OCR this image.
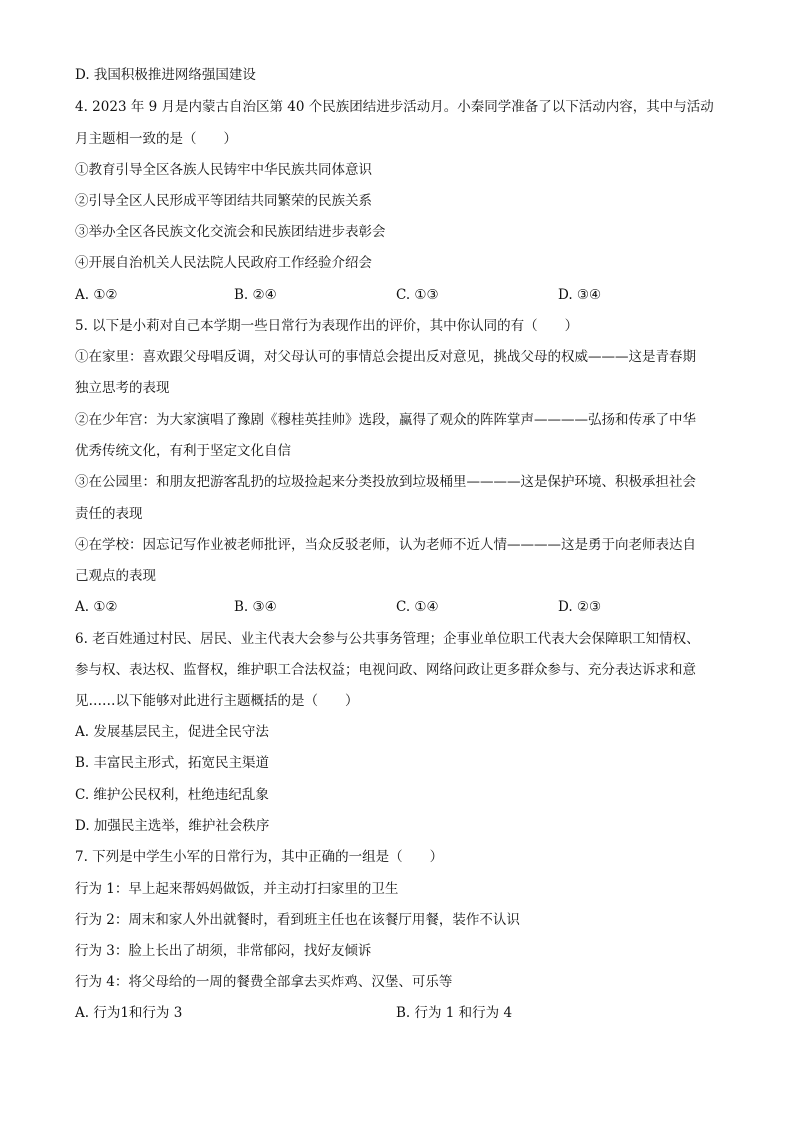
D. 我国积极推进网络强国建设
4. 2023 年 9 月是内蒙古自治区第 40 个民族团结进步活动月。小秦同学准备了以下活动内容，其中与活动
月主题相一致的是（　　）
①教育引导全区各族人民铸牢中华民族共同体意识
②引导全区人民形成平等团结共同繁荣的民族关系
③举办全区各民族文化交流会和民族团结进步表彰会
④开展自治机关人民法院人民政府工作经验介绍会
A. ①②	B. ②④	C. ①③	D. ③④
5. 以下是小莉对自己本学期一些日常行为表现作出的评价，其中你认同的有（　　）
①在家里：喜欢跟父母唱反调，对父母认可的事情总会提出反对意见，挑战父母的权威———这是青春期
独立思考的表现
②在少年宫：为大家演唱了豫剧《穆桂英挂帅》选段，赢得了观众的阵阵掌声————弘扬和传承了中华
优秀传统文化，有利于坚定文化自信
③在公园里：和朋友把游客乱扔的垃圾捡起来分类投放到垃圾桶里————这是保护环境、积极承担社会
责任的表现
④在学校：因忘记写作业被老师批评，当众反驳老师，认为老师不近人情————这是勇于向老师表达自
己观点的表现
A. ①②	B. ③④	C. ①④	D. ②③
6. 老百姓通过村民、居民、业主代表大会参与公共事务管理；企事业单位职工代表大会保障职工知情权、
参与权、表达权、监督权，维护职工合法权益；电视问政、网络问政让更多群众参与、充分表达诉求和意
见……以下能够对此进行主题概括的是（　　）
A. 发展基层民主，促进全民守法
B. 丰富民主形式，拓宽民主渠道
C. 维护公民权利，杜绝违纪乱象
D. 加强民主选举，维护社会秩序
7. 下列是中学生小军的日常行为，其中正确的一组是（　　）
行为 1：早上起来帮妈妈做饭，并主动打扫家里的卫生
行为 2：周末和家人外出就餐时，看到班主任也在该餐厅用餐，装作不认识
行为 3：脸上长出了胡须，非常郁闷，找好友倾诉
行为 4：将父母给的一周的餐费全部拿去买炸鸡、汉堡、可乐等
A. 行为1和行为 3	B. 行为 1 和行为 4
